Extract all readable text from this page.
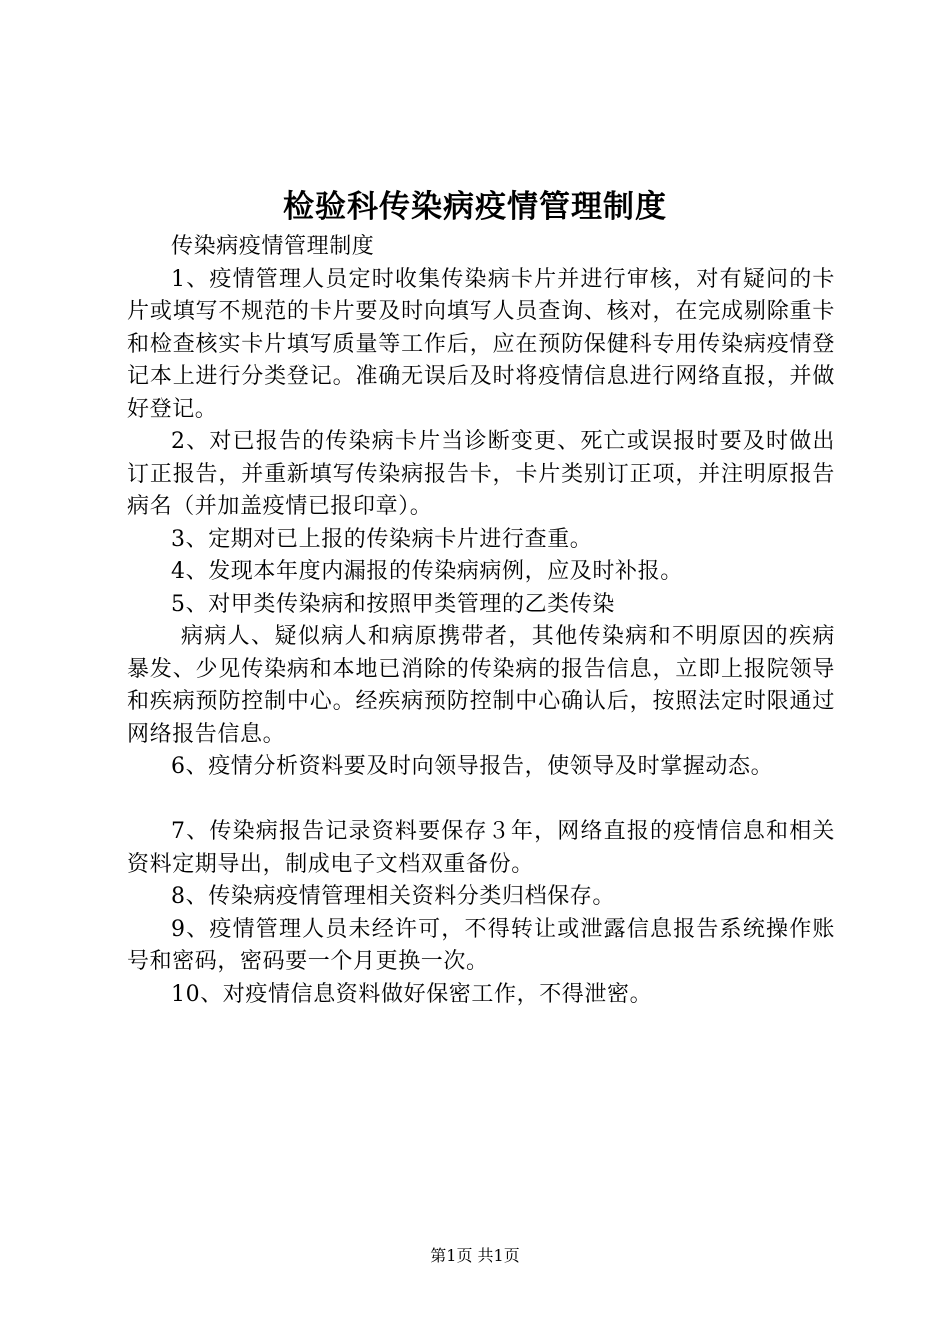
检验科传染病疫情管理制度

传染病疫情管理制度

1、疫情管理人员定时收集传染病卡片并进行审核，对有疑问的卡片或填写不规范的卡片要及时向填写人员查询、核对，在完成剔除重卡和检查核实卡片填写质量等工作后，应在预防保健科专用传染病疫情登记本上进行分类登记。准确无误后及时将疫情信息进行网络直报，并做好登记。

2、对已报告的传染病卡片当诊断变更、死亡或误报时要及时做出订正报告，并重新填写传染病报告卡，卡片类别订正项，并注明原报告病名（并加盖疫情已报印章）。

3、定期对已上报的传染病卡片进行查重。

4、发现本年度内漏报的传染病病例，应及时补报。

5、对甲类传染病和按照甲类管理的乙类传染

病病人、疑似病人和病原携带者，其他传染病和不明原因的疾病暴发、少见传染病和本地已消除的传染病的报告信息，立即上报院领导和疾病预防控制中心。经疾病预防控制中心确认后，按照法定时限通过网络报告信息。

6、疫情分析资料要及时向领导报告，使领导及时掌握动态。

7、传染病报告记录资料要保存３年，网络直报的疫情信息和相关资料定期导出，制成电子文档双重备份。

8、传染病疫情管理相关资料分类归档保存。

9、疫情管理人员未经许可，不得转让或泄露信息报告系统操作账号和密码，密码要一个月更换一次。

10、对疫情信息资料做好保密工作，不得泄密。

第1页 共1页
